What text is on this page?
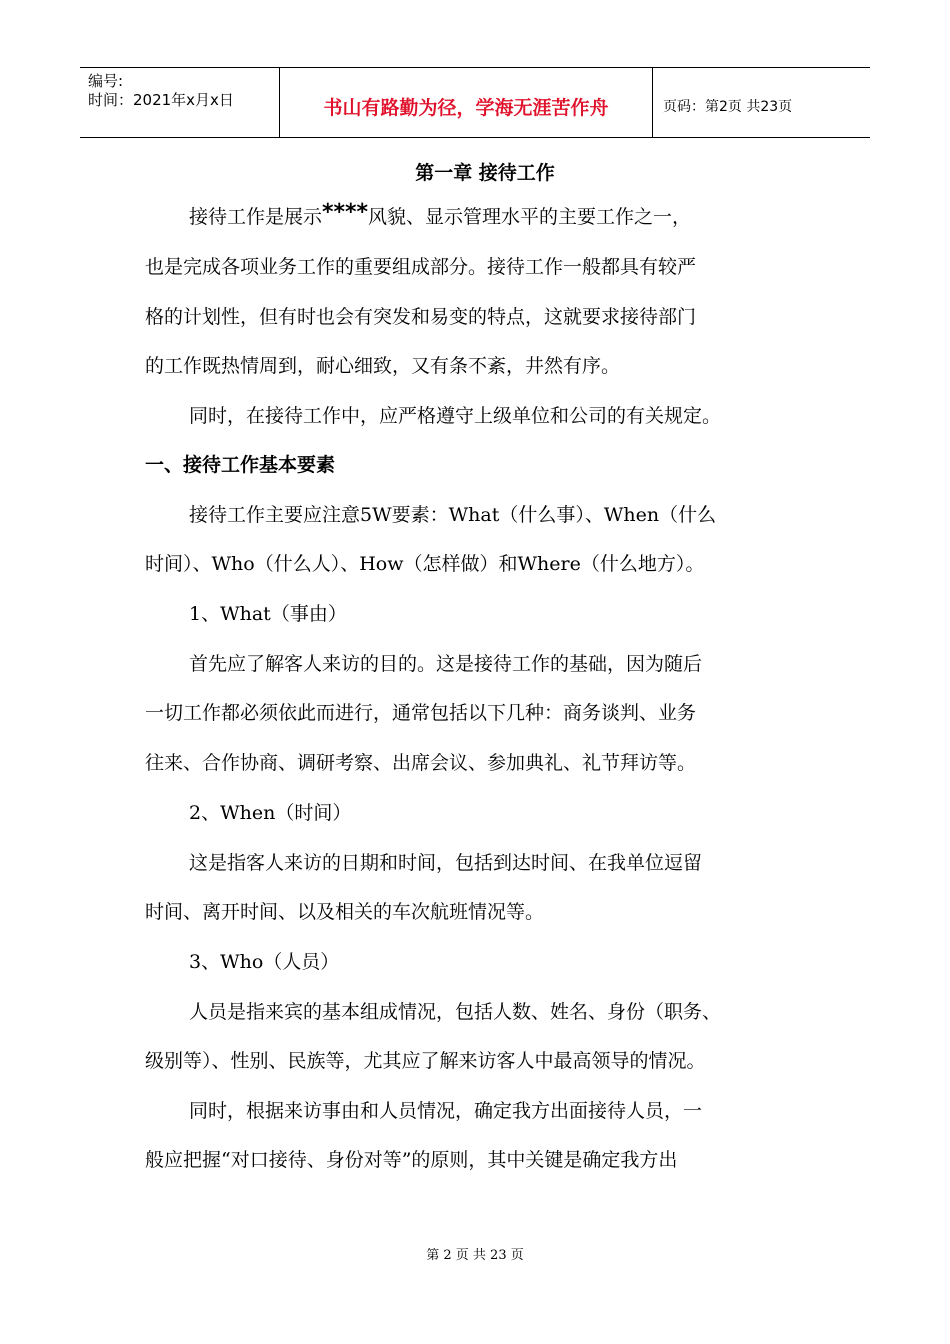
编号:
时间：2021年x月x日	书山有路勤为径，学海无涯苦作舟	页码：第2页 共23页
第一章 接待工作
接待工作是展示****风貌、显示管理水平的主要工作之一，
也是完成各项业务工作的重要组成部分。接待工作一般都具有较严
格的计划性，但有时也会有突发和易变的特点，这就要求接待部门
的工作既热情周到，耐心细致，又有条不紊，井然有序。
同时，在接待工作中，应严格遵守上级单位和公司的有关规定。
一、接待工作基本要素
接待工作主要应注意5W要素：What（什么事）、When（什么
时间）、Who（什么人）、How（怎样做）和Where（什么地方）。
1、What（事由）
首先应了解客人来访的目的。这是接待工作的基础，因为随后
一切工作都必须依此而进行，通常包括以下几种：商务谈判、业务
往来、合作协商、调研考察、出席会议、参加典礼、礼节拜访等。
2、When（时间）
这是指客人来访的日期和时间，包括到达时间、在我单位逗留
时间、离开时间、以及相关的车次航班情况等。
3、Who（人员）
人员是指来宾的基本组成情况，包括人数、姓名、身份（职务、
级别等）、性别、民族等，尤其应了解来访客人中最高领导的情况。
同时，根据来访事由和人员情况，确定我方出面接待人员，一
般应把握“对口接待、身份对等”的原则，其中关键是确定我方出
第 2 页 共 23 页
